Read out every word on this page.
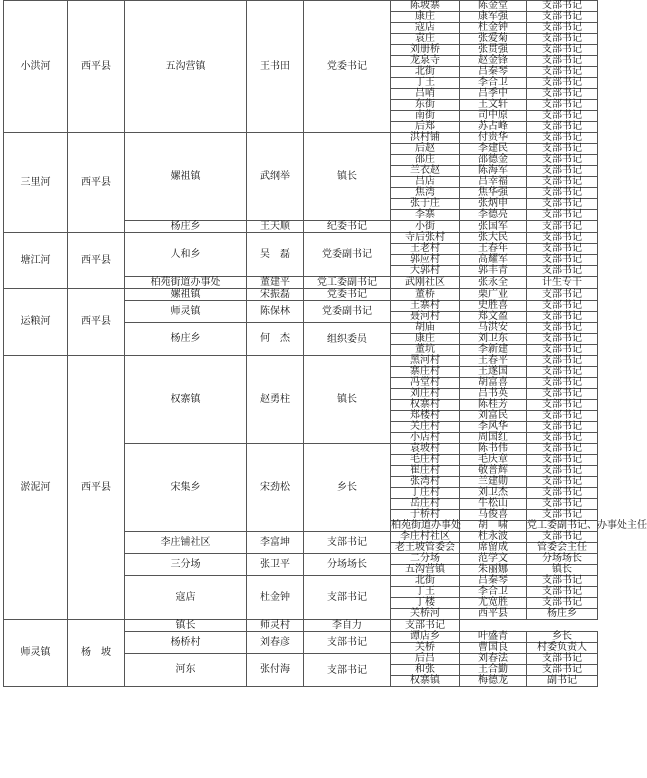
小洪河	西平县	五沟营镇	王书田	党委书记	陈坡寨	陈金堂	支部书记	
					康庄	康军强	支部书记	
					寇店	杜金钟	支部书记	
					袁庄	张爱菊	支部书记	
					刘册桥	张贯强	支部书记	
					龙泉寺	赵金锋	支部书记	
					北街	吕秦琴	支部书记	
					丁王	李合卫	支部书记	
					吕哨	吕季中	支部书记	
					东街	王文轩	支部书记	
					南街	司中原	支部书记	
					后郑	苏占峰	支部书记	
三里河	西平县	嫘祖镇	武纲举	镇长	洪村铺	付贵华	支部书记	
					后赵	李建民	支部书记	
					邵庄	邵德金	支部书记	
					兰衣赵	陈海军	支部书记	
					吕店	吕幸福	支部书记	
					焦湾	焦华强	支部书记	
					张于庄	张炳申	支部书记	
					李寨	李德亮	支部书记	
		杨庄乡	王天顺	纪委书记	小街	张国军	支部书记	
塘江河	西平县	人和乡	吴　磊	党委副书记	寺后张村	张大民	支部书记	
					王老村	王春年	支部书记	
					郭应村	高耀军	支部书记	
					大郭村	郭丰青	支部书记	
		柏苑街道办事处	董建平	党工委副书记	武刚社区	张永全	计生专干	
运粮河	西平县	嫘祖镇	宋振磊	党委书记	董桥	栗广业	支部书记	
		师灵镇	陈保林	党委副书记	王寨村	史胜喜	支部书记	
					聂河村	郑文盈	支部书记	
		杨庄乡	何　杰	组织委员	胡庙	马洪安	支部书记	
					康庄	刘卫东	支部书记	
					董坑	李新建	支部书记	
淤泥河	西平县	权寨镇	赵勇柱	镇长	黑河村	王春平	支部书记	
					寨庄村	王遂国	支部书记	
					冯堂村	胡富喜	支部书记	
					刘庄村	吕书英	支部书记	
					权寨村	陈桂芳	支部书记	
					郑楼村	刘富民	支部书记	
					关庄村	李风华	支部书记	
					小店村	周国红	支部书记	
		宋集乡	宋劲松	乡长	袁坡村	陈书伟	支部书记	
					毛庄村	毛庆章	支部书记	
					崔庄村	敬普辉	支部书记	
					张湾村	兰建勋	支部书记	
					丁庄村	刘卫杰	支部书记	
					岳庄村	牛松山	支部书记	
					于桥村	马俊喜	支部书记	
					柏苑街道办事处	胡　啸	党工委副书记、办事处主任			
		李庄铺社区	李富坤	支部书记				
					李庄村社区	杜永波	支部书记	
					老王坡管委会	席留成	管委会主任			
		三分场	张卫平	分场场长				
					二分场	范学文	分场场长	
					五沟营镇	朱丽娜	镇长			
		寇店	杜金钟	支部书记				
					北街	吕秦琴	支部书记	
					丁王	李合卫	支部书记	
					丁楼	尤宽胜	支部书记	
					关桥河	西平县	杨庄乡					
师灵镇	杨　坡	镇长	师灵村	李自力	支部书记			
		杨桥村	刘春彦	支部书记				
					谭店乡	叶盛青	乡长			
					关桥	曹国良	村委负责人	
		河东	张付海	支部书记				
					后吕	刘春法	支部书记	
					和张	王合勤	支部书记	
					权寨镇	梅德龙	副书记			
